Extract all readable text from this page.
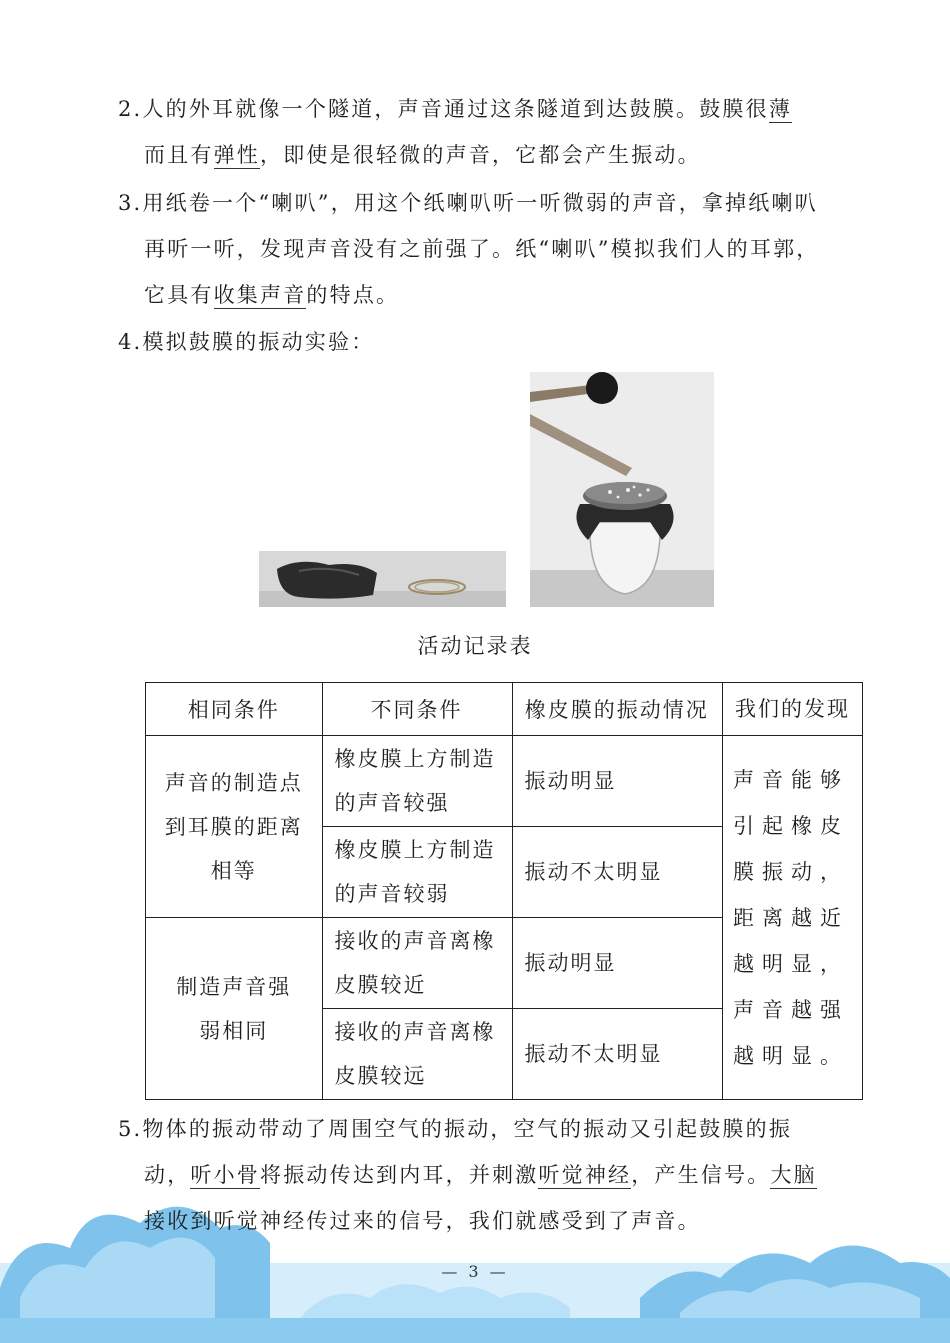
2.人的外耳就像一个隧道，声音通过这条隧道到达鼓膜。鼓膜很薄
而且有弹性，即使是很轻微的声音，它都会产生振动。
3.用纸卷一个“喇叭”，用这个纸喇叭听一听微弱的声音，拿掉纸喇叭
再听一听，发现声音没有之前强了。纸“喇叭”模拟我们人的耳郭，
它具有收集声音的特点。
4.模拟鼓膜的振动实验：
活动记录表
相同条件	不同条件	橡皮膜的振动情况	我们的发现
声音的制造点到耳膜的距离相等	橡皮膜上方制造的声音较强	振动明显	声音能够引起橡皮膜振动，距离越近越明显，声音越强越明显。
	橡皮膜上方制造的声音较弱	振动不太明显	
制造声音强弱相同	接收的声音离橡皮膜较近	振动明显	
	接收的声音离橡皮膜较远	振动不太明显	
— 3 —
5.物体的振动带动了周围空气的振动，空气的振动又引起鼓膜的振
动，听小骨将振动传达到内耳，并刺激听觉神经，产生信号。大脑
接收到听觉神经传过来的信号，我们就感受到了声音。
